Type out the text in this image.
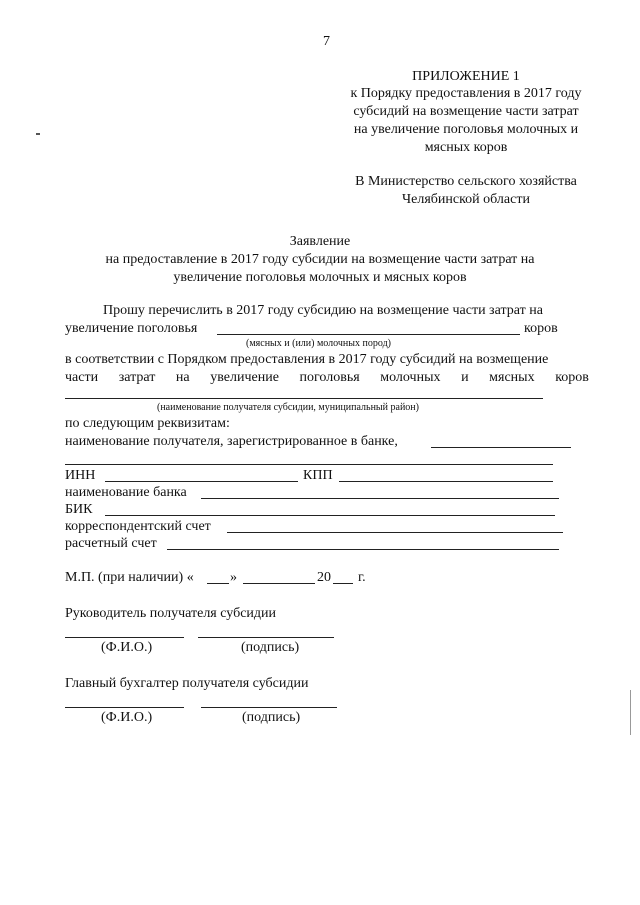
7
ПРИЛОЖЕНИЕ 1
к Порядку предоставления в 2017 году
субсидий на возмещение части затрат
на увеличение поголовья молочных и
мясных коров
В Министерство сельского хозяйства
Челябинской области
Заявление
на предоставление в 2017 году субсидии на возмещение части затрат на
увеличение поголовья молочных и мясных коров
Прошу перечислить в 2017 году субсидию на возмещение части затрат на
увеличение поголовья	коров
(мясных и (или) молочных пород)
в соответствии с Порядком предоставления в 2017 году субсидий на возмещение
части затрат на увеличение поголовья молочных и мясных коров
(наименование получателя субсидии, муниципальный район)
по следующим реквизитам:
наименование получателя, зарегистрированное в банке,
ИНН	КПП
наименование банка
БИК
корреспондентский счет
расчетный счет
М.П. (при наличии) «	»	20 г.
Руководитель получателя субсидии
(Ф.И.О.)	(подпись)
Главный бухгалтер получателя субсидии
(Ф.И.О.)	(подпись)
